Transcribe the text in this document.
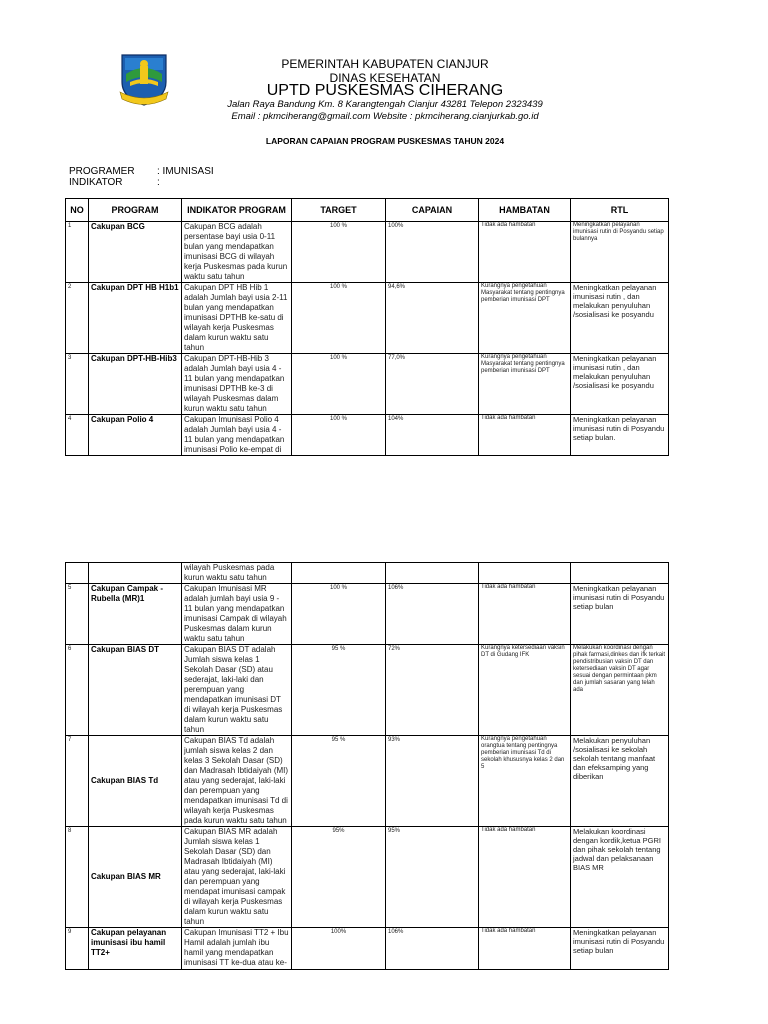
PEMERINTAH KABUPATEN CIANJUR
DINAS KESEHATAN
UPTD PUSKESMAS CIHERANG
Jalan Raya Bandung Km. 8 Karangtengah Cianjur 43281 Telepon 2323439
Email : pkmciherang@gmail.com Website : pkmciherang.cianjurkab.go.id
LAPORAN CAPAIAN PROGRAM PUSKESMAS TAHUN 2024
PROGRAMER : IMUNISASI
INDIKATOR	:
NO	PROGRAM	INDIKATOR PROGRAM	TARGET	CAPAIAN	HAMBATAN	RTL
1	Cakupan BCG	Cakupan BCG adalah persentase bayi usia 0-11 bulan yang mendapatkan imunisasi BCG di wilayah kerja Puskesmas pada kurun waktu satu tahun	100 %	100%	Tidak ada hambatan	Meningkatkan pelayanan imunisasi rutin di Posyandu setiap bulannya
2	Cakupan DPT HB H1b1	Cakupan DPT HB Hib 1 adalah Jumlah bayi usia 2-11 bulan yang mendapatkan imunisasi DPTHB ke-satu di wilayah kerja Puskesmas dalam kurun waktu satu tahun	100 %	94,6%	Kurangnya pengetahuan Masyarakat tentang pentingnya pemberian imunisasi DPT	Meningkatkan pelayanan imunisasi rutin , dan melakukan penyuluhan /sosialisasi ke posyandu
3	Cakupan DPT-HB-Hib3	Cakupan DPT-HB-Hib 3 adalah Jumlah bayi usia 4 - 11 bulan yang mendapatkan imunisasi DPTHB ke-3 di wilayah Puskesmas dalam kurun waktu satu tahun	100 %	77,0%	Kurangnya pengetahuan Masyarakat tentang pentingnya pemberian imunisasi DPT	Meningkatkan pelayanan imunisasi rutin , dan melakukan penyuluhan /sosialisasi ke posyandu
4	Cakupan Polio 4	Cakupan Imunisasi Polio 4 adalah Jumlah bayi usia 4 - 11 bulan yang mendapatkan imunisasi Polio ke-empat di	100 %	104%	Tidak ada hambatan	Meningkatkan pelayanan imunisasi rutin di Posyandu setiap bulan.
		wilayah Puskesmas pada kurun waktu satu tahun				
5	Cakupan Campak - Rubella (MR)1	Cakupan Imunisasi MR adalah jumlah bayi usia 9 - 11 bulan yang mendapatkan imunisasi Campak di wilayah Puskesmas dalam kurun waktu satu tahun	100 %	106%	Tidak ada hambatan	Meningkatkan pelayanan imunisasi rutin di Posyandu setiap bulan
6	Cakupan BIAS DT	Cakupan BIAS DT adalah Jumlah siswa kelas 1 Sekolah Dasar (SD) atau sederajat, laki-laki dan perempuan yang mendapatkan imunisasi DT di wilayah kerja Puskesmas dalam kurun waktu satu tahun	95 %	72%	Kurangnya ketersediaan vaksin DT di Gudang IFK	Melakukan koordinasi dengan pihak farmasi,dinkes dan ifk terkait pendistribusian vaksin DT dan ketersediaan vaksin DT agar sesuai dengan permintaan pkm dan jumlah sasaran yang telah ada
7	Cakupan BIAS Td	Cakupan BIAS Td adalah jumlah siswa kelas 2 dan kelas 3 Sekolah Dasar (SD) dan Madrasah Ibtidaiyah (MI) atau yang sederajat, laki-laki dan perempuan yang mendapatkan imunisasi Td di wilayah kerja Puskesmas pada kurun waktu satu tahun	95 %	93%	Kurangnya pengetahuan orangtua tentang pentingnya pemberian imunisasi Td di sekolah khususnya kelas 2 dan 5	Melakukan penyuluhan /sosialisasi ke sekolah sekolah tentang manfaat dan efeksamping yang diberikan
8	Cakupan BIAS MR	Cakupan BIAS MR adalah Jumlah siswa kelas 1 Sekolah Dasar (SD) dan Madrasah Ibtidaiyah (MI) atau yang sederajat, laki-laki dan perempuan yang mendapat imunisasi campak di wilayah kerja Puskesmas dalam kurun waktu satu tahun	95%	95%	Tidak ada hambatan	Melakukan koordinasi dengan kordik,ketua PGRI dan pihak sekolah tentang jadwal dan pelaksanaan BIAS MR
9	Cakupan pelayanan imunisasi ibu hamil TT2+	Cakupan Imunisasi TT2 + Ibu Hamil adalah jumlah ibu hamil yang mendapatkan imunisasi TT ke-dua atau ke-	100%	106%	Tidak ada hambatan	Meningkatkan pelayanan imunisasi rutin di Posyandu setiap bulan
